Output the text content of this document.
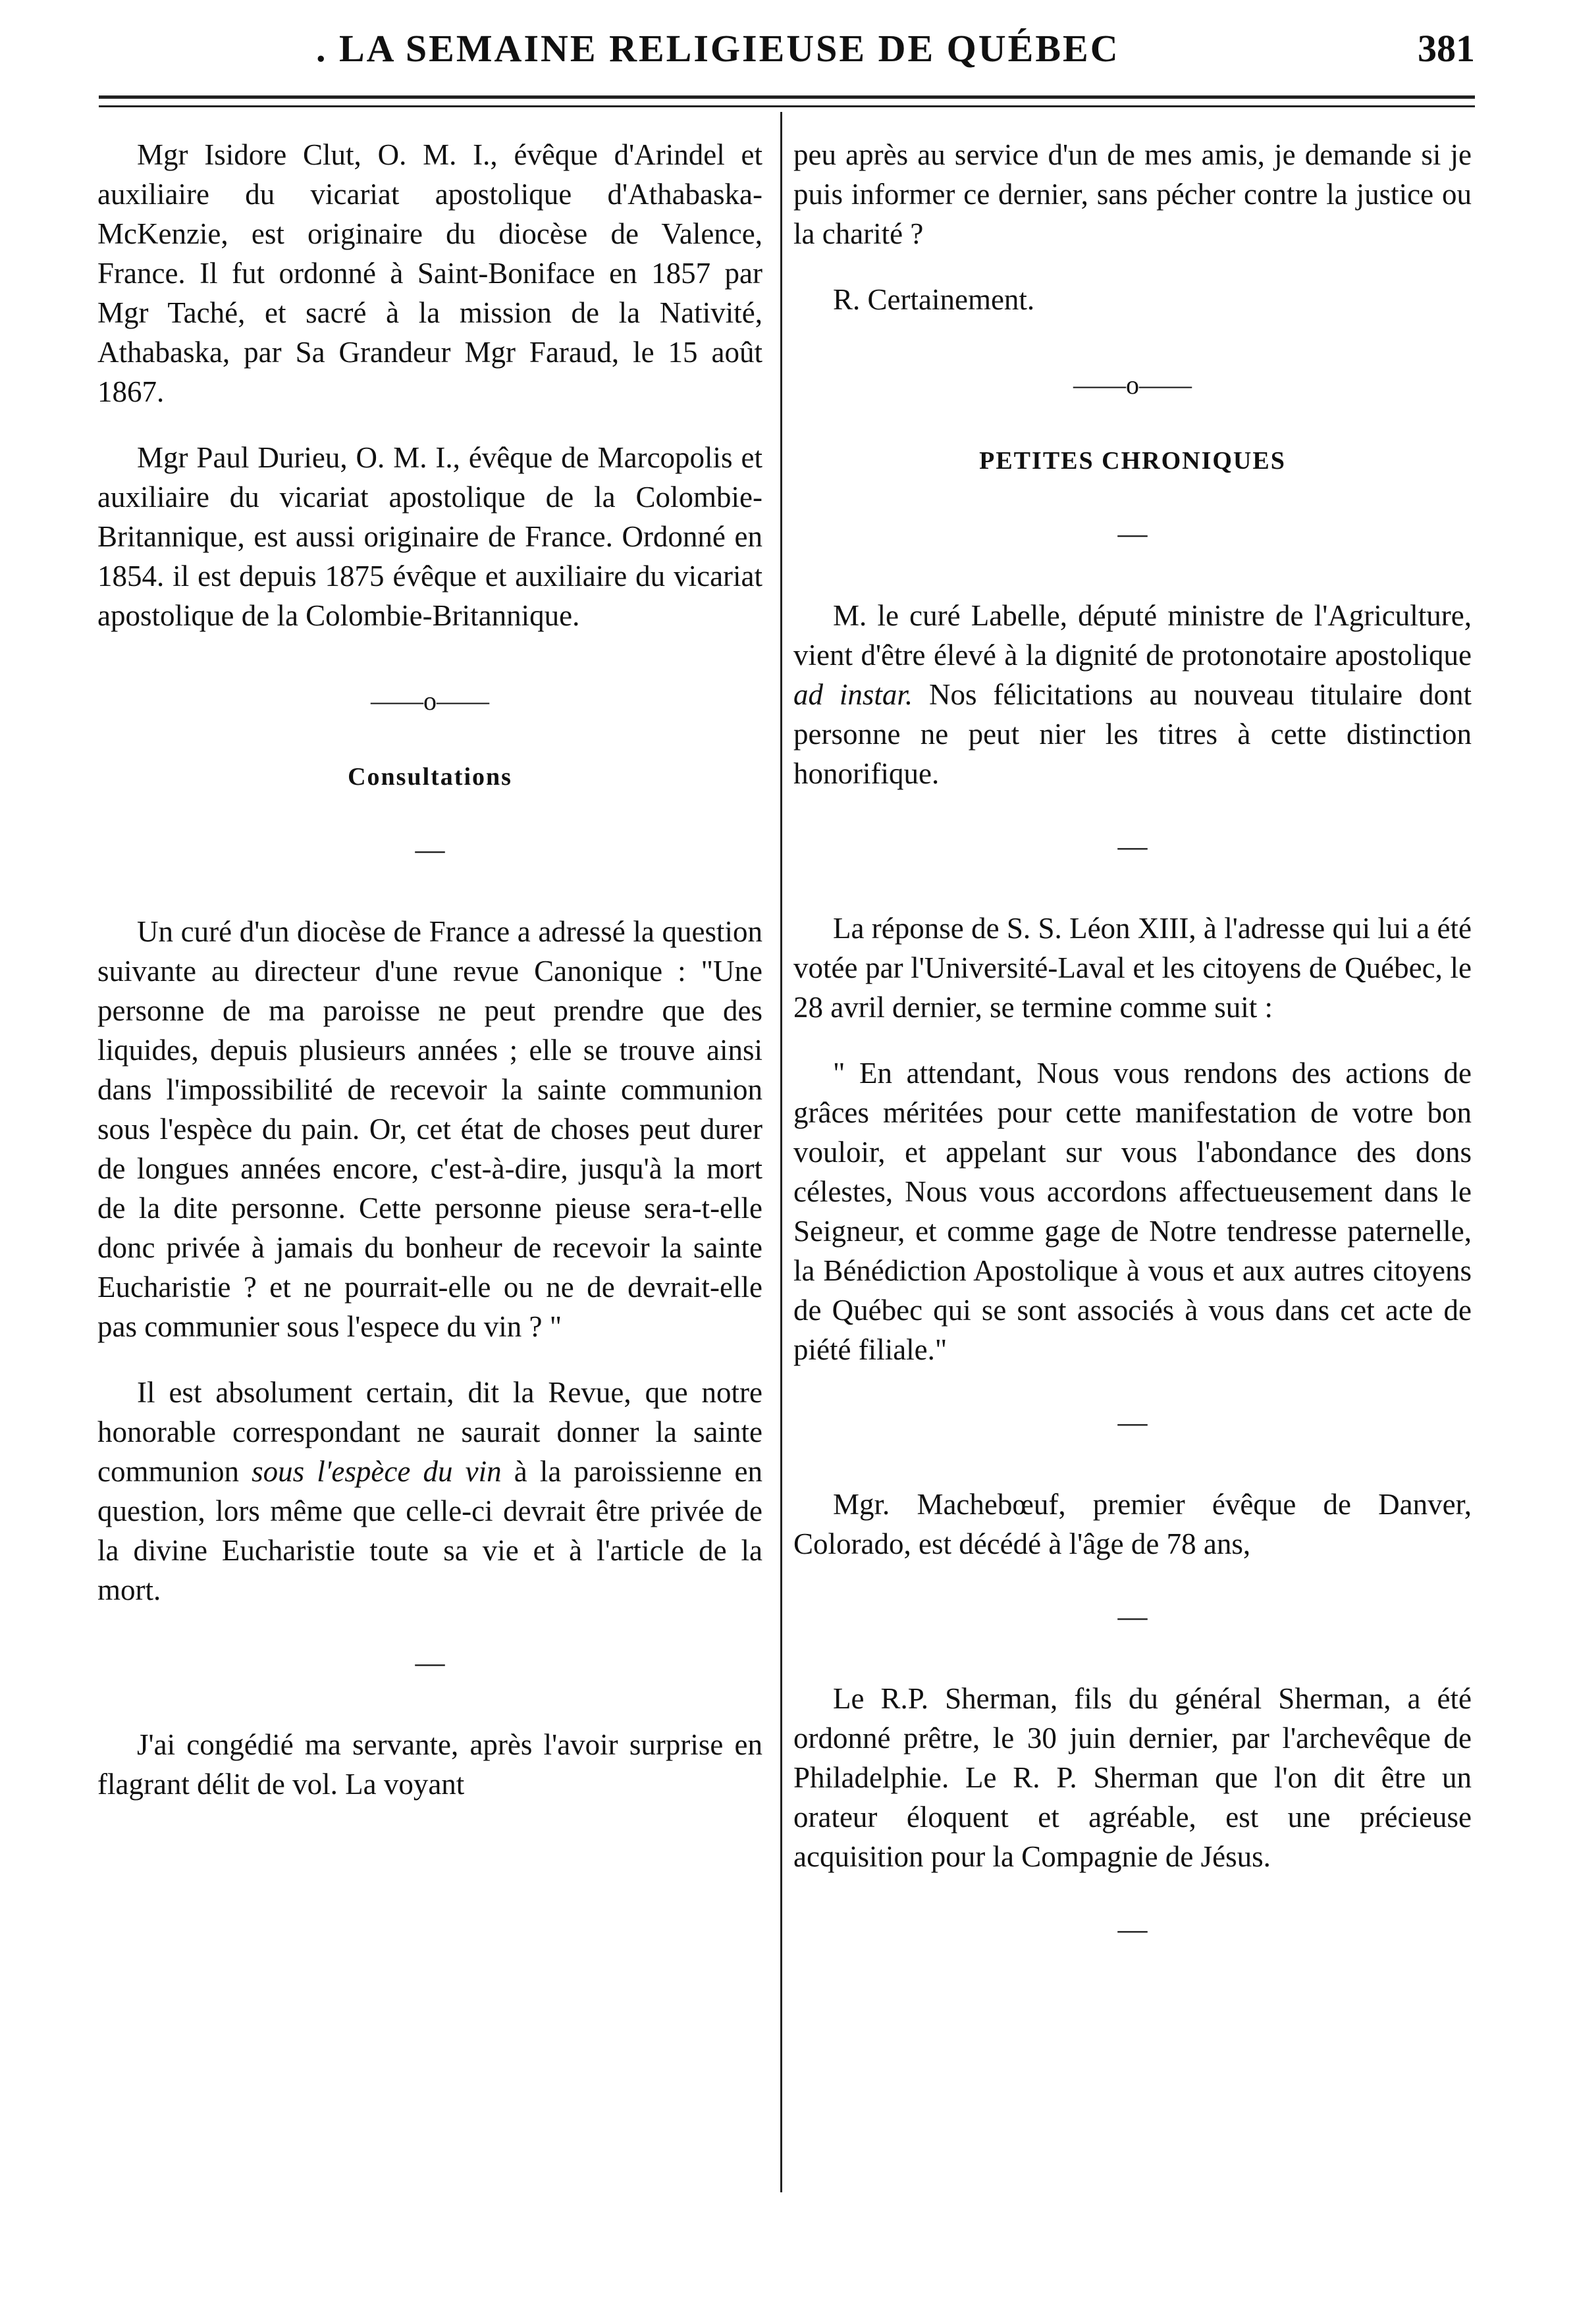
. LA SEMAINE RELIGIEUSE DE QUÉBEC	381

Mgr Isidore Clut, O. M. I., évêque d'Arindel et auxiliaire du vicariat apostolique d'Athabaska-McKenzie, est originaire du diocèse de Valence, France. Il fut ordonné à Saint-Boniface en 1857 par Mgr Taché, et sacré à la mission de la Nativité, Athabaska, par Sa Grandeur Mgr Faraud, le 15 août 1867.

Mgr Paul Durieu, O. M. I., évêque de Marcopolis et auxiliaire du vicariat apostolique de la Colombie-Britannique, est aussi originaire de France. Ordonné en 1854. il est depuis 1875 évêque et auxiliaire du vicariat apostolique de la Colombie-Britannique.

——o——
Consultations
—

Un curé d'un diocèse de France a adressé la question suivante au directeur d'une revue Canonique : "Une personne de ma paroisse ne peut prendre que des liquides, depuis plusieurs années ; elle se trouve ainsi dans l'impossibilité de recevoir la sainte communion sous l'espèce du pain. Or, cet état de choses peut durer de longues années encore, c'est-à-dire, jusqu'à la mort de la dite personne. Cette personne pieuse sera-t-elle donc privée à jamais du bonheur de recevoir la sainte Eucharistie ? et ne pourrait-elle ou ne de devrait-elle pas communier sous l'espece du vin ? "

Il est absolument certain, dit la Revue, que notre honorable correspondant ne saurait donner la sainte communion sous l'espèce du vin à la paroissienne en question, lors même que celle-ci devrait être privée de la divine Eucharistie toute sa vie et à l'article de la mort.

—

J'ai congédié ma servante, après l'avoir surprise en flagrant délit de vol. La voyant

peu après au service d'un de mes amis, je demande si je puis informer ce dernier, sans pécher contre la justice ou la charité ?

R. Certainement.

——o——
PETITES CHRONIQUES
—

M. le curé Labelle, député ministre de l'Agriculture, vient d'être élevé à la dignité de protonotaire apostolique ad instar. Nos félicitations au nouveau titulaire dont personne ne peut nier les titres à cette distinction honorifique.

—

La réponse de S. S. Léon XIII, à l'adresse qui lui a été votée par l'Université-Laval et les citoyens de Québec, le 28 avril dernier, se termine comme suit :

" En attendant, Nous vous rendons des actions de grâces méritées pour cette manifestation de votre bon vouloir, et appelant sur vous l'abondance des dons célestes, Nous vous accordons affectueusement dans le Seigneur, et comme gage de Notre tendresse paternelle, la Bénédiction Apostolique à vous et aux autres citoyens de Québec qui se sont associés à vous dans cet acte de piété filiale."

—

Mgr. Machebœuf, premier évêque de Danver, Colorado, est décédé à l'âge de 78 ans,

—

Le R.P. Sherman, fils du général Sherman, a été ordonné prêtre, le 30 juin dernier, par l'archevêque de Philadelphie. Le R. P. Sherman que l'on dit être un orateur éloquent et agréable, est une précieuse acquisition pour la Compagnie de Jésus.

—
